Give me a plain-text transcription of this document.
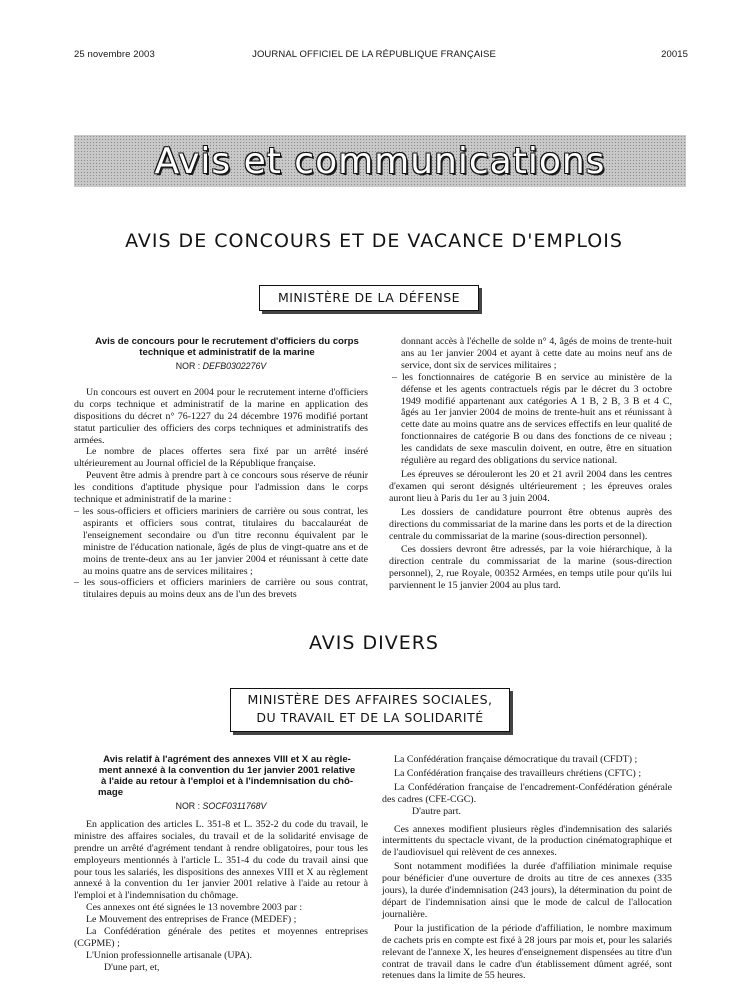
25 novembre 2003	JOURNAL OFFICIEL DE LA RÉPUBLIQUE FRANÇAISE	20015
Avis et communications
AVIS DE CONCOURS ET DE VACANCE D'EMPLOIS
MINISTÈRE DE LA DÉFENSE

Avis de concours pour le recrutement d'officiers du corps

technique et administratif de la marine

NOR : DEFB0302276V

Un concours est ouvert en 2004 pour le recrutement interne d'officiers du corps technique et administratif de la marine en application des dispositions du décret n° 76-1227 du 24 décembre 1976 modifié portant statut particulier des officiers des corps techniques et administratifs des armées.

Le nombre de places offertes sera fixé par un arrêté inséré ultérieurement au Journal officiel de la République française.

Peuvent être admis à prendre part à ce concours sous réserve de réunir les conditions d'aptitude physique pour l'admission dans le corps technique et administratif de la marine :

– les sous-officiers et officiers mariniers de carrière ou sous contrat, les aspirants et officiers sous contrat, titulaires du baccalauréat de l'enseignement secondaire ou d'un titre reconnu équivalent par le ministre de l'éducation nationale, âgés de plus de vingt-quatre ans et de moins de trente-deux ans au 1er janvier 2004 et réunissant à cette date au moins quatre ans de services militaires ;

– les sous-officiers et officiers mariniers de carrière ou sous contrat, titulaires depuis au moins deux ans de l'un des brevets

donnant accès à l'échelle de solde n° 4, âgés de moins de trente-huit ans au 1er janvier 2004 et ayant à cette date au moins neuf ans de service, dont six de services militaires ;

– les fonctionnaires de catégorie B en service au ministère de la défense et les agents contractuels régis par le décret du 3 octobre 1949 modifié appartenant aux catégories A 1 B, 2 B, 3 B et 4 C, âgés au 1er janvier 2004 de moins de trente-huit ans et réunissant à cette date au moins quatre ans de services effectifs en leur qualité de fonctionnaires de catégorie B ou dans des fonctions de ce niveau ; les candidats de sexe masculin doivent, en outre, être en situation régulière au regard des obligations du service national.

Les épreuves se dérouleront les 20 et 21 avril 2004 dans les centres d'examen qui seront désignés ultérieurement ; les épreuves orales auront lieu à Paris du 1er au 3 juin 2004.

Les dossiers de candidature pourront être obtenus auprès des directions du commissariat de la marine dans les ports et de la direction centrale du commissariat de la marine (sous-direction personnel).

Ces dossiers devront être adressés, par la voie hiérarchique, à la direction centrale du commissariat de la marine (sous-direction personnel), 2, rue Royale, 00352 Armées, en temps utile pour qu'ils lui parviennent le 15 janvier 2004 au plus tard.

AVIS DIVERS
MINISTÈRE DES AFFAIRES SOCIALES,
DU TRAVAIL ET DE LA SOLIDARITÉ

Avis relatif à l'agrément des annexes VIII et X au règle-

ment annexé à la convention du 1er janvier 2001 relative

à l'aide au retour à l'emploi et à l'indemnisation du chô-

mage

NOR : SOCF0311768V

En application des articles L. 351-8 et L. 352-2 du code du travail, le ministre des affaires sociales, du travail et de la solidarité envisage de prendre un arrêté d'agrément tendant à rendre obligatoires, pour tous les employeurs mentionnés à l'article L. 351-4 du code du travail ainsi que pour tous les salariés, les dispositions des annexes VIII et X au règlement annexé à la convention du 1er janvier 2001 relative à l'aide au retour à l'emploi et à l'indemnisation du chômage.

Ces annexes ont été signées le 13 novembre 2003 par :

Le Mouvement des entreprises de France (MEDEF) ;

La Confédération générale des petites et moyennes entreprises (CGPME) ;

L'Union professionnelle artisanale (UPA).

D'une part, et,

La Confédération française démocratique du travail (CFDT) ;

La Confédération française des travailleurs chrétiens (CFTC) ;

La Confédération française de l'encadrement-Confédération générale des cadres (CFE-CGC).

D'autre part.

Ces annexes modifient plusieurs règles d'indemnisation des salariés intermittents du spectacle vivant, de la production cinématographique et de l'audiovisuel qui relèvent de ces annexes.

Sont notamment modifiées la durée d'affiliation minimale requise pour bénéficier d'une ouverture de droits au titre de ces annexes (335 jours), la durée d'indemnisation (243 jours), la détermination du point de départ de l'indemnisation ainsi que le mode de calcul de l'allocation journalière.

Pour la justification de la période d'affiliation, le nombre maximum de cachets pris en compte est fixé à 28 jours par mois et, pour les salariés relevant de l'annexe X, les heures d'enseignement dispensées au titre d'un contrat de travail dans le cadre d'un établissement dûment agréé, sont retenues dans la limite de 55 heures.
